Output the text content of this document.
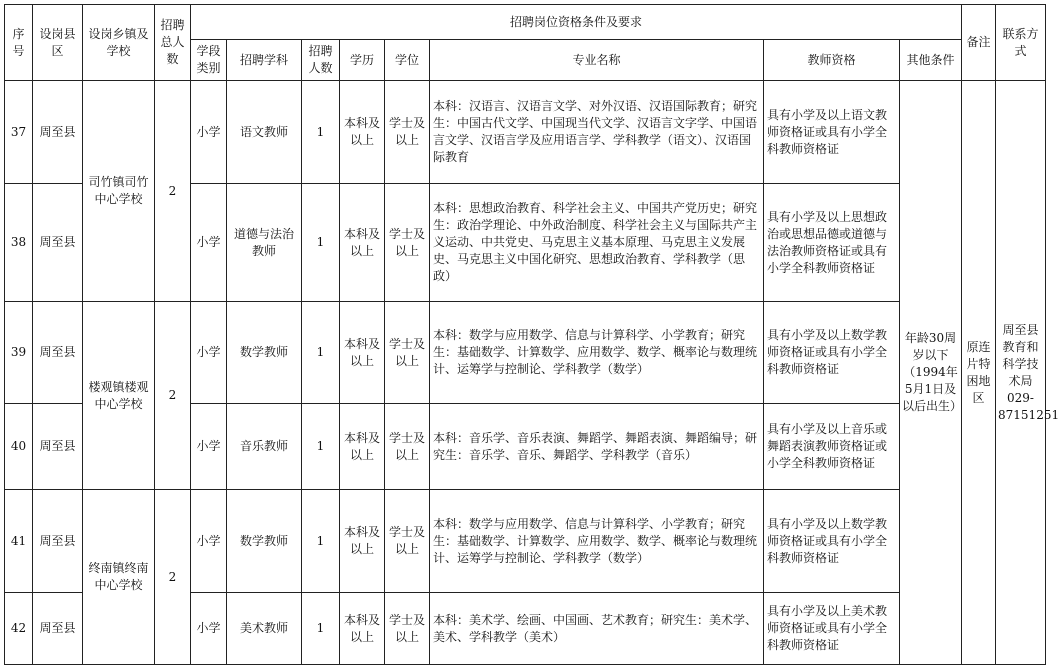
序号	设岗县区	设岗乡镇及学校	招聘总人数	招聘岗位资格条件及要求								备注	联系方式
				学段类别	招聘学科	招聘人数	学历	学位	专业名称	教师资格	其他条件		
37	周至县	司竹镇司竹中心学校	2	小学	语文教师	1	本科及以上	学士及以上	本科：汉语言、汉语言文学、对外汉语、汉语国际教育；研究生：中国古代文学、中国现当代文学、汉语言文字学、中国语言文学、汉语言学及应用语言学、学科教学（语文）、汉语国际教育	具有小学及以上语文教师资格证或具有小学全科教师资格证	年龄30周岁以下（1994年5月1日及以后出生）	原连片特困地区	周至县教育和科学技术局029-87151251
38	周至县			小学	道德与法治教师	1	本科及以上	学士及以上	本科：思想政治教育、科学社会主义、中国共产党历史；研究生：政治学理论、中外政治制度、科学社会主义与国际共产主义运动、中共党史、马克思主义基本原理、马克思主义发展史、马克思主义中国化研究、思想政治教育、学科教学（思政）	具有小学及以上思想政治或思想品德或道德与法治教师资格证或具有小学全科教师资格证			
39	周至县	楼观镇楼观中心学校	2	小学	数学教师	1	本科及以上	学士及以上	本科：数学与应用数学、信息与计算科学、小学教育；研究生：基础数学、计算数学、应用数学、数学、概率论与数理统计、运筹学与控制论、学科教学（数学）	具有小学及以上数学教师资格证或具有小学全科教师资格证			
40	周至县			小学	音乐教师	1	本科及以上	学士及以上	本科：音乐学、音乐表演、舞蹈学、舞蹈表演、舞蹈编导；研究生：音乐学、音乐、舞蹈学、学科教学（音乐）	具有小学及以上音乐或舞蹈表演教师资格证或小学全科教师资格证			
41	周至县	终南镇终南中心学校	2	小学	数学教师	1	本科及以上	学士及以上	本科：数学与应用数学、信息与计算科学、小学教育；研究生：基础数学、计算数学、应用数学、数学、概率论与数理统计、运筹学与控制论、学科教学（数学）	具有小学及以上数学教师资格证或具有小学全科教师资格证			
42	周至县			小学	美术教师	1	本科及以上	学士及以上	本科：美术学、绘画、中国画、艺术教育；研究生：美术学、美术、学科教学（美术）	具有小学及以上美术教师资格证或具有小学全科教师资格证			
